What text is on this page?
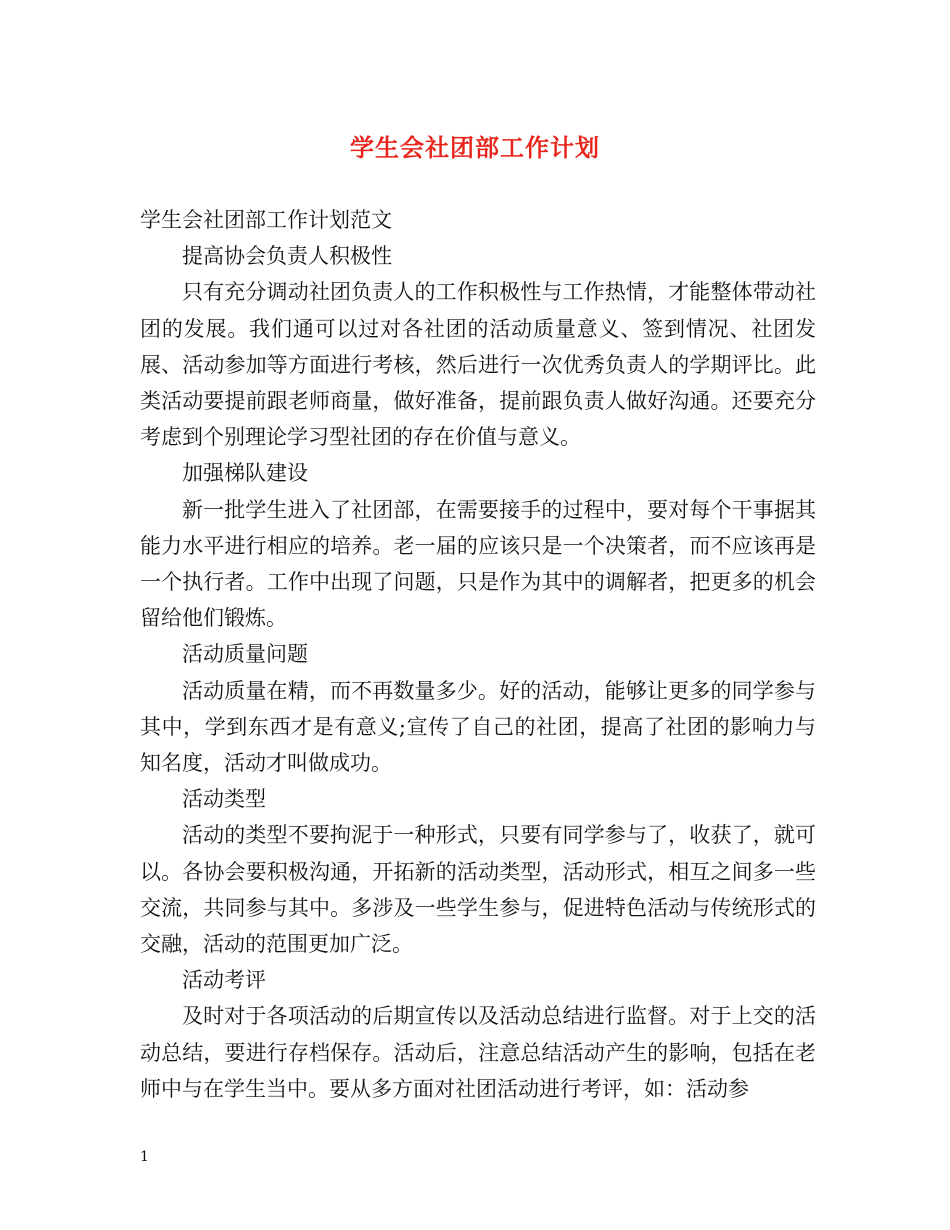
学生会社团部工作计划

学生会社团部工作计划范文

提高协会负责人积极性

只有充分调动社团负责人的工作积极性与工作热情，才能整体带动社团的发展。我们通可以过对各社团的活动质量意义、签到情况、社团发展、活动参加等方面进行考核，然后进行一次优秀负责人的学期评比。此类活动要提前跟老师商量，做好准备，提前跟负责人做好沟通。还要充分考虑到个别理论学习型社团的存在价值与意义。

加强梯队建设

新一批学生进入了社团部，在需要接手的过程中，要对每个干事据其能力水平进行相应的培养。老一届的应该只是一个决策者，而不应该再是一个执行者。工作中出现了问题，只是作为其中的调解者，把更多的机会留给他们锻炼。

活动质量问题

活动质量在精，而不再数量多少。好的活动，能够让更多的同学参与其中，学到东西才是有意义;宣传了自己的社团，提高了社团的影响力与知名度，活动才叫做成功。

活动类型

活动的类型不要拘泥于一种形式，只要有同学参与了，收获了，就可以。各协会要积极沟通，开拓新的活动类型，活动形式，相互之间多一些交流，共同参与其中。多涉及一些学生参与，促进特色活动与传统形式的交融，活动的范围更加广泛。

活动考评

及时对于各项活动的后期宣传以及活动总结进行监督。对于上交的活动总结，要进行存档保存。活动后，注意总结活动产生的影响，包括在老师中与在学生当中。要从多方面对社团活动进行考评，如：活动参

1
